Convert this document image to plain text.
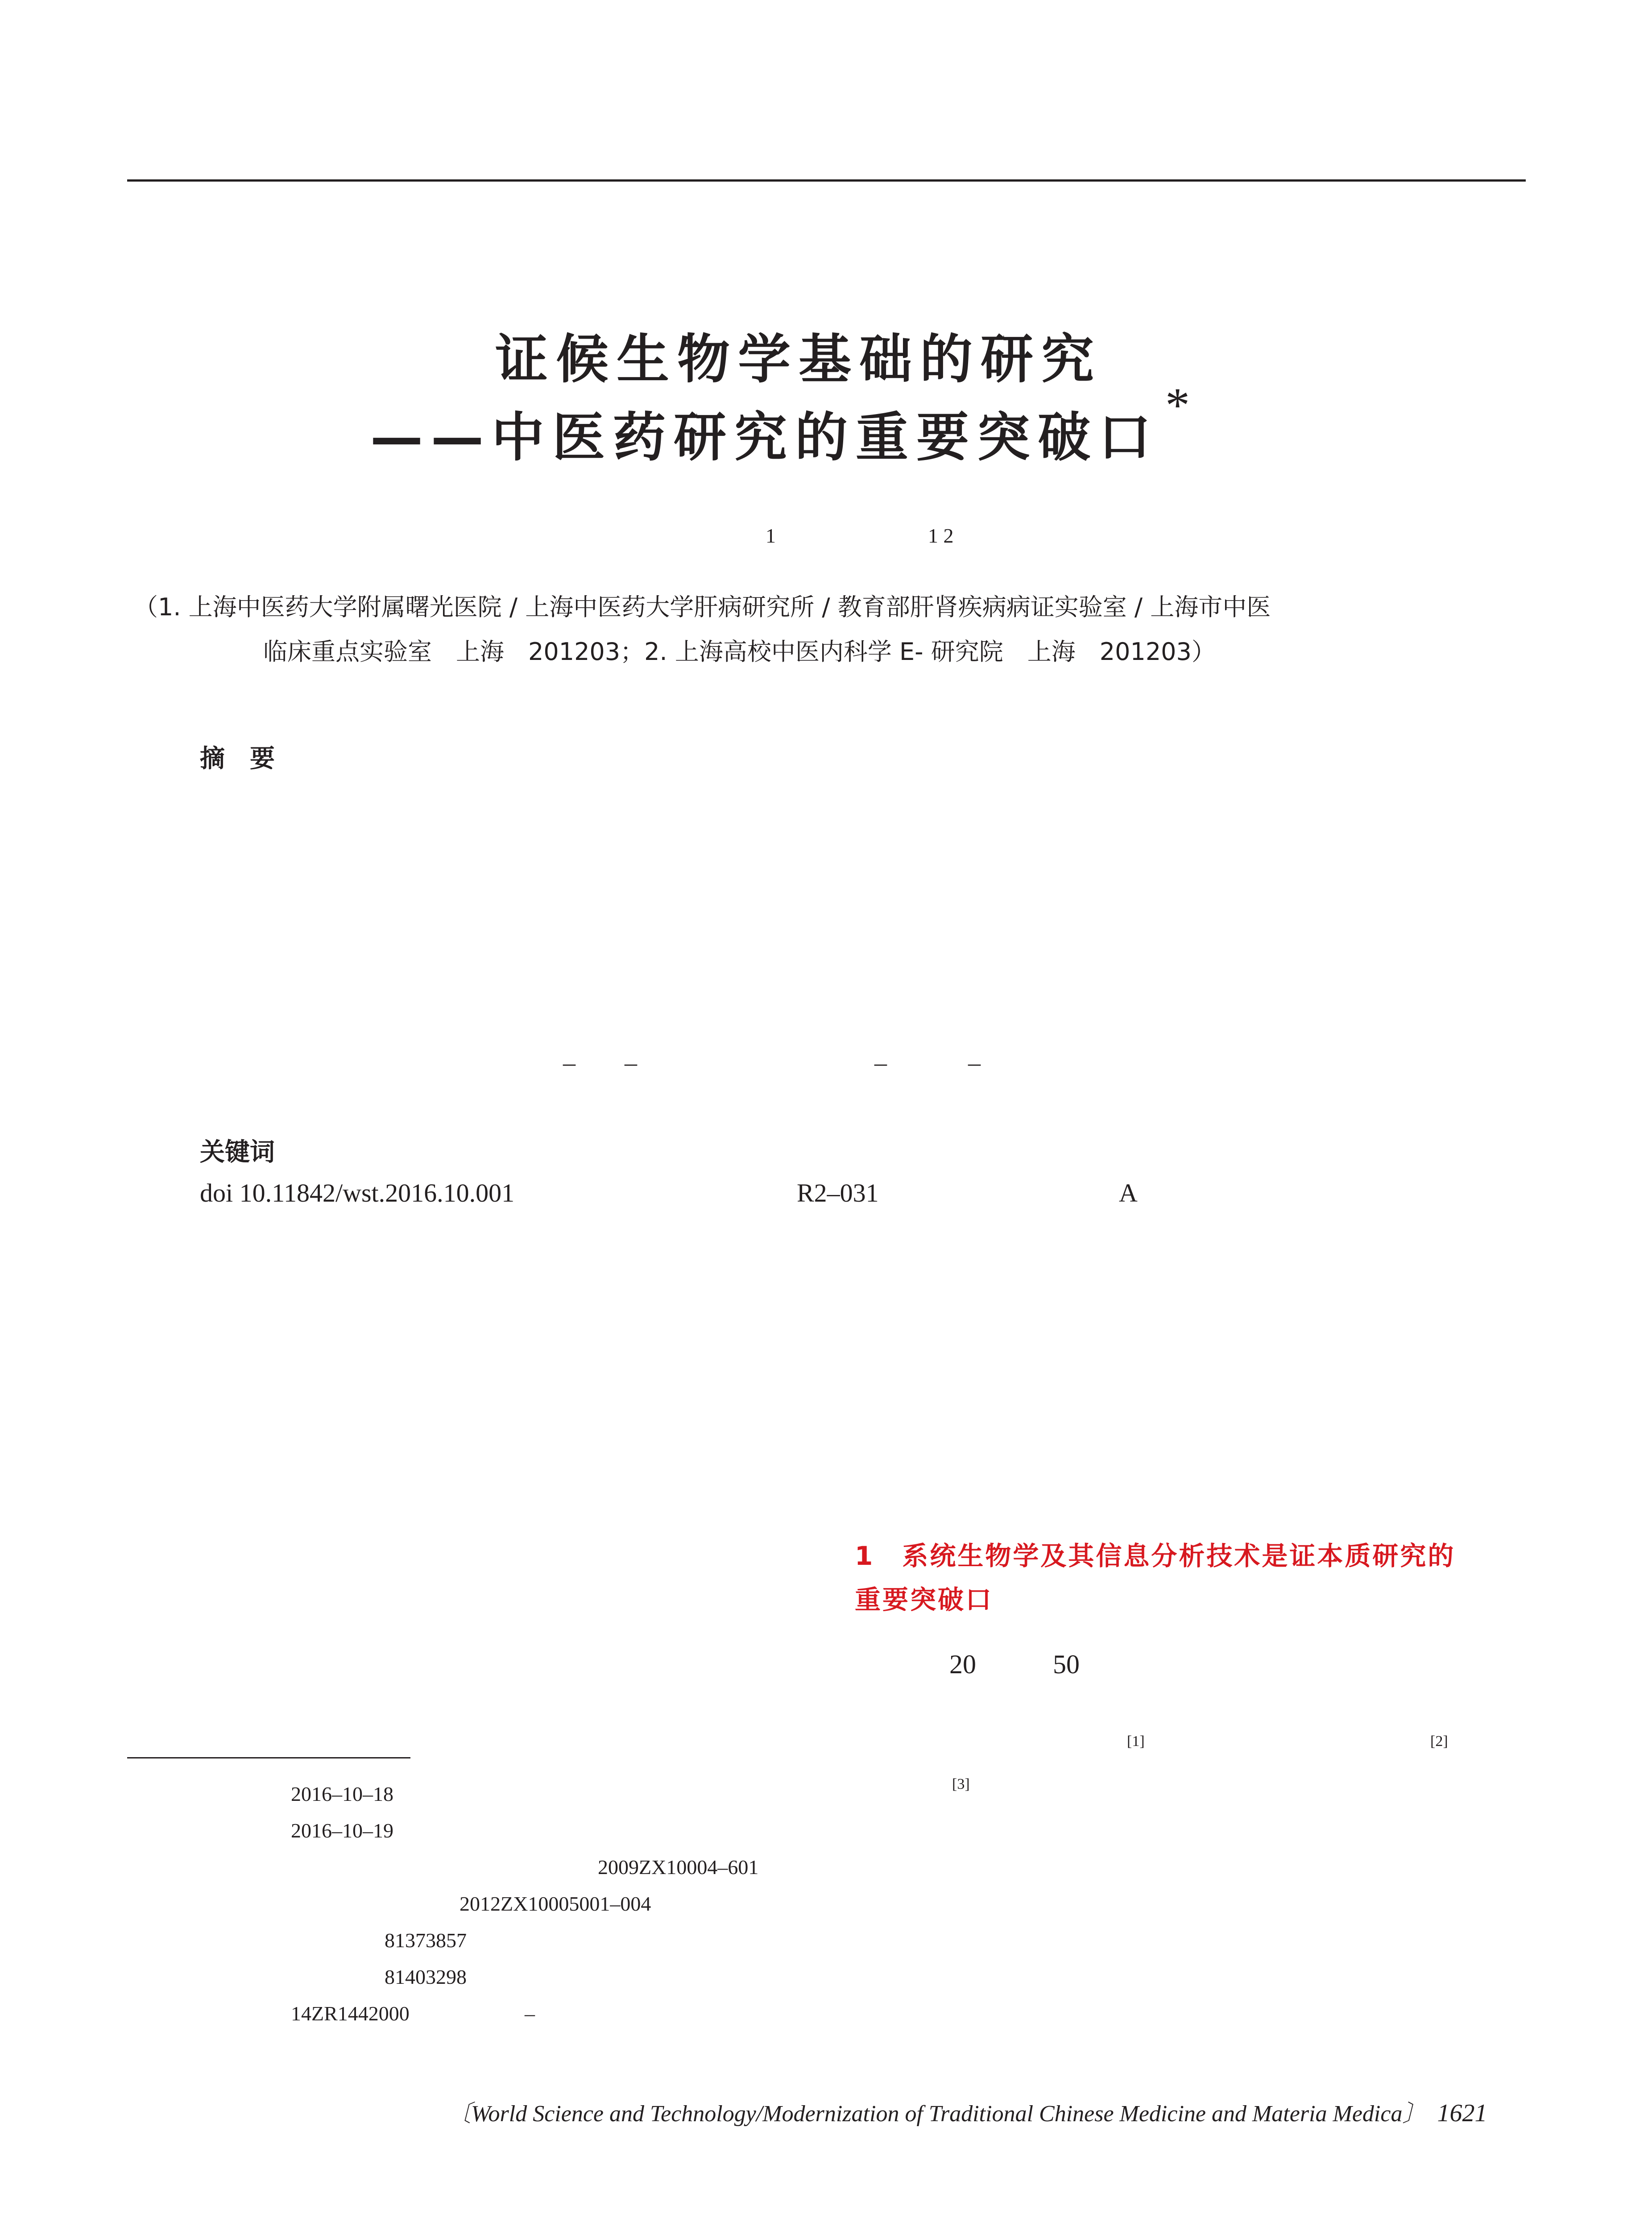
证候生物学基础的研究
——中医药研究的重要突破口*
1	1 2
（1. 上海中医药大学附属曙光医院 / 上海中医药大学肝病研究所 / 教育部肝肾疾病病证实验室 / 上海市中医
临床重点实验室　上海　201203；2. 上海高校中医内科学 E- 研究院　上海　201203）
摘　要
– –	–	–
关键词
doi 10.11842/wst.2016.10.001	R2–031	A
1　系统生物学及其信息分析技术是证本质研究的
重要突破口
20	50
[1]	[2]
[3]
2016–10–18
2016–10–19
2009ZX10004–601
2012ZX10005001–004
81373857
81403298
14ZR1442000	–
〔World Science and Technology/Modernization of Traditional Chinese Medicine and Materia Medica〕 1621
